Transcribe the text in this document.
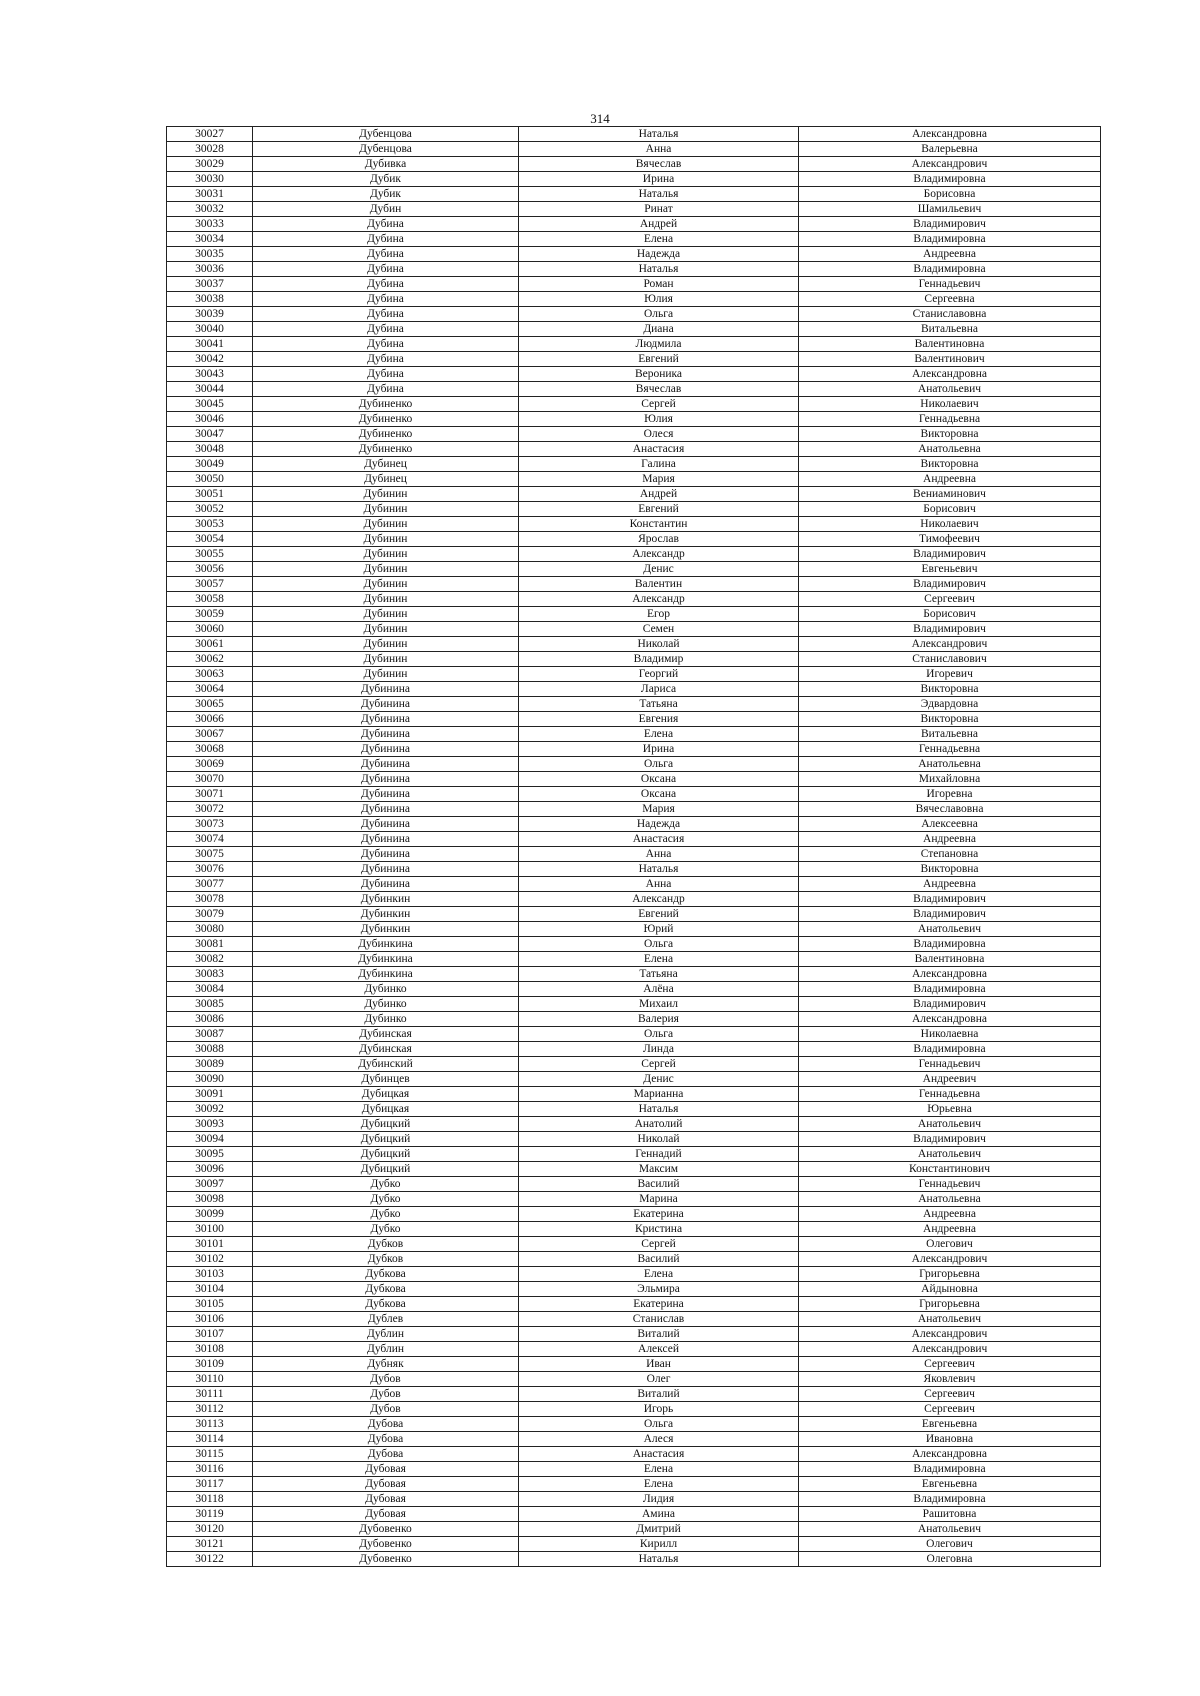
314
30027	Дубенцова	Наталья	Александровна
30028	Дубенцова	Анна	Валерьевна
30029	Дубивка	Вячеслав	Александрович
30030	Дубик	Ирина	Владимировна
30031	Дубик	Наталья	Борисовна
30032	Дубин	Ринат	Шамильевич
30033	Дубина	Андрей	Владимирович
30034	Дубина	Елена	Владимировна
30035	Дубина	Надежда	Андреевна
30036	Дубина	Наталья	Владимировна
30037	Дубина	Роман	Геннадьевич
30038	Дубина	Юлия	Сергеевна
30039	Дубина	Ольга	Станиславовна
30040	Дубина	Диана	Витальевна
30041	Дубина	Людмила	Валентиновна
30042	Дубина	Евгений	Валентинович
30043	Дубина	Вероника	Александровна
30044	Дубина	Вячеслав	Анатольевич
30045	Дубиненко	Сергей	Николаевич
30046	Дубиненко	Юлия	Геннадьевна
30047	Дубиненко	Олеся	Викторовна
30048	Дубиненко	Анастасия	Анатольевна
30049	Дубинец	Галина	Викторовна
30050	Дубинец	Мария	Андреевна
30051	Дубинин	Андрей	Вениаминович
30052	Дубинин	Евгений	Борисович
30053	Дубинин	Константин	Николаевич
30054	Дубинин	Ярослав	Тимофеевич
30055	Дубинин	Александр	Владимирович
30056	Дубинин	Денис	Евгеньевич
30057	Дубинин	Валентин	Владимирович
30058	Дубинин	Александр	Сергеевич
30059	Дубинин	Егор	Борисович
30060	Дубинин	Семен	Владимирович
30061	Дубинин	Николай	Александрович
30062	Дубинин	Владимир	Станиславович
30063	Дубинин	Георгий	Игоревич
30064	Дубинина	Лариса	Викторовна
30065	Дубинина	Татьяна	Эдвардовна
30066	Дубинина	Евгения	Викторовна
30067	Дубинина	Елена	Витальевна
30068	Дубинина	Ирина	Геннадьевна
30069	Дубинина	Ольга	Анатольевна
30070	Дубинина	Оксана	Михайловна
30071	Дубинина	Оксана	Игоревна
30072	Дубинина	Мария	Вячеславовна
30073	Дубинина	Надежда	Алексеевна
30074	Дубинина	Анастасия	Андреевна
30075	Дубинина	Анна	Степановна
30076	Дубинина	Наталья	Викторовна
30077	Дубинина	Анна	Андреевна
30078	Дубинкин	Александр	Владимирович
30079	Дубинкин	Евгений	Владимирович
30080	Дубинкин	Юрий	Анатольевич
30081	Дубинкина	Ольга	Владимировна
30082	Дубинкина	Елена	Валентиновна
30083	Дубинкина	Татьяна	Александровна
30084	Дубинко	Алёна	Владимировна
30085	Дубинко	Михаил	Владимирович
30086	Дубинко	Валерия	Александровна
30087	Дубинская	Ольга	Николаевна
30088	Дубинская	Линда	Владимировна
30089	Дубинский	Сергей	Геннадьевич
30090	Дубинцев	Денис	Андреевич
30091	Дубицкая	Марианна	Геннадьевна
30092	Дубицкая	Наталья	Юрьевна
30093	Дубицкий	Анатолий	Анатольевич
30094	Дубицкий	Николай	Владимирович
30095	Дубицкий	Геннадий	Анатольевич
30096	Дубицкий	Максим	Константинович
30097	Дубко	Василий	Геннадьевич
30098	Дубко	Марина	Анатольевна
30099	Дубко	Екатерина	Андреевна
30100	Дубко	Кристина	Андреевна
30101	Дубков	Сергей	Олегович
30102	Дубков	Василий	Александрович
30103	Дубкова	Елена	Григорьевна
30104	Дубкова	Эльмира	Айдыновна
30105	Дубкова	Екатерина	Григорьевна
30106	Дублев	Станислав	Анатольевич
30107	Дублин	Виталий	Александрович
30108	Дублин	Алексей	Александрович
30109	Дубняк	Иван	Сергеевич
30110	Дубов	Олег	Яковлевич
30111	Дубов	Виталий	Сергеевич
30112	Дубов	Игорь	Сергеевич
30113	Дубова	Ольга	Евгеньевна
30114	Дубова	Алеся	Ивановна
30115	Дубова	Анастасия	Александровна
30116	Дубовая	Елена	Владимировна
30117	Дубовая	Елена	Евгеньевна
30118	Дубовая	Лидия	Владимировна
30119	Дубовая	Амина	Рашитовна
30120	Дубовенко	Дмитрий	Анатольевич
30121	Дубовенко	Кирилл	Олегович
30122	Дубовенко	Наталья	Олеговна
